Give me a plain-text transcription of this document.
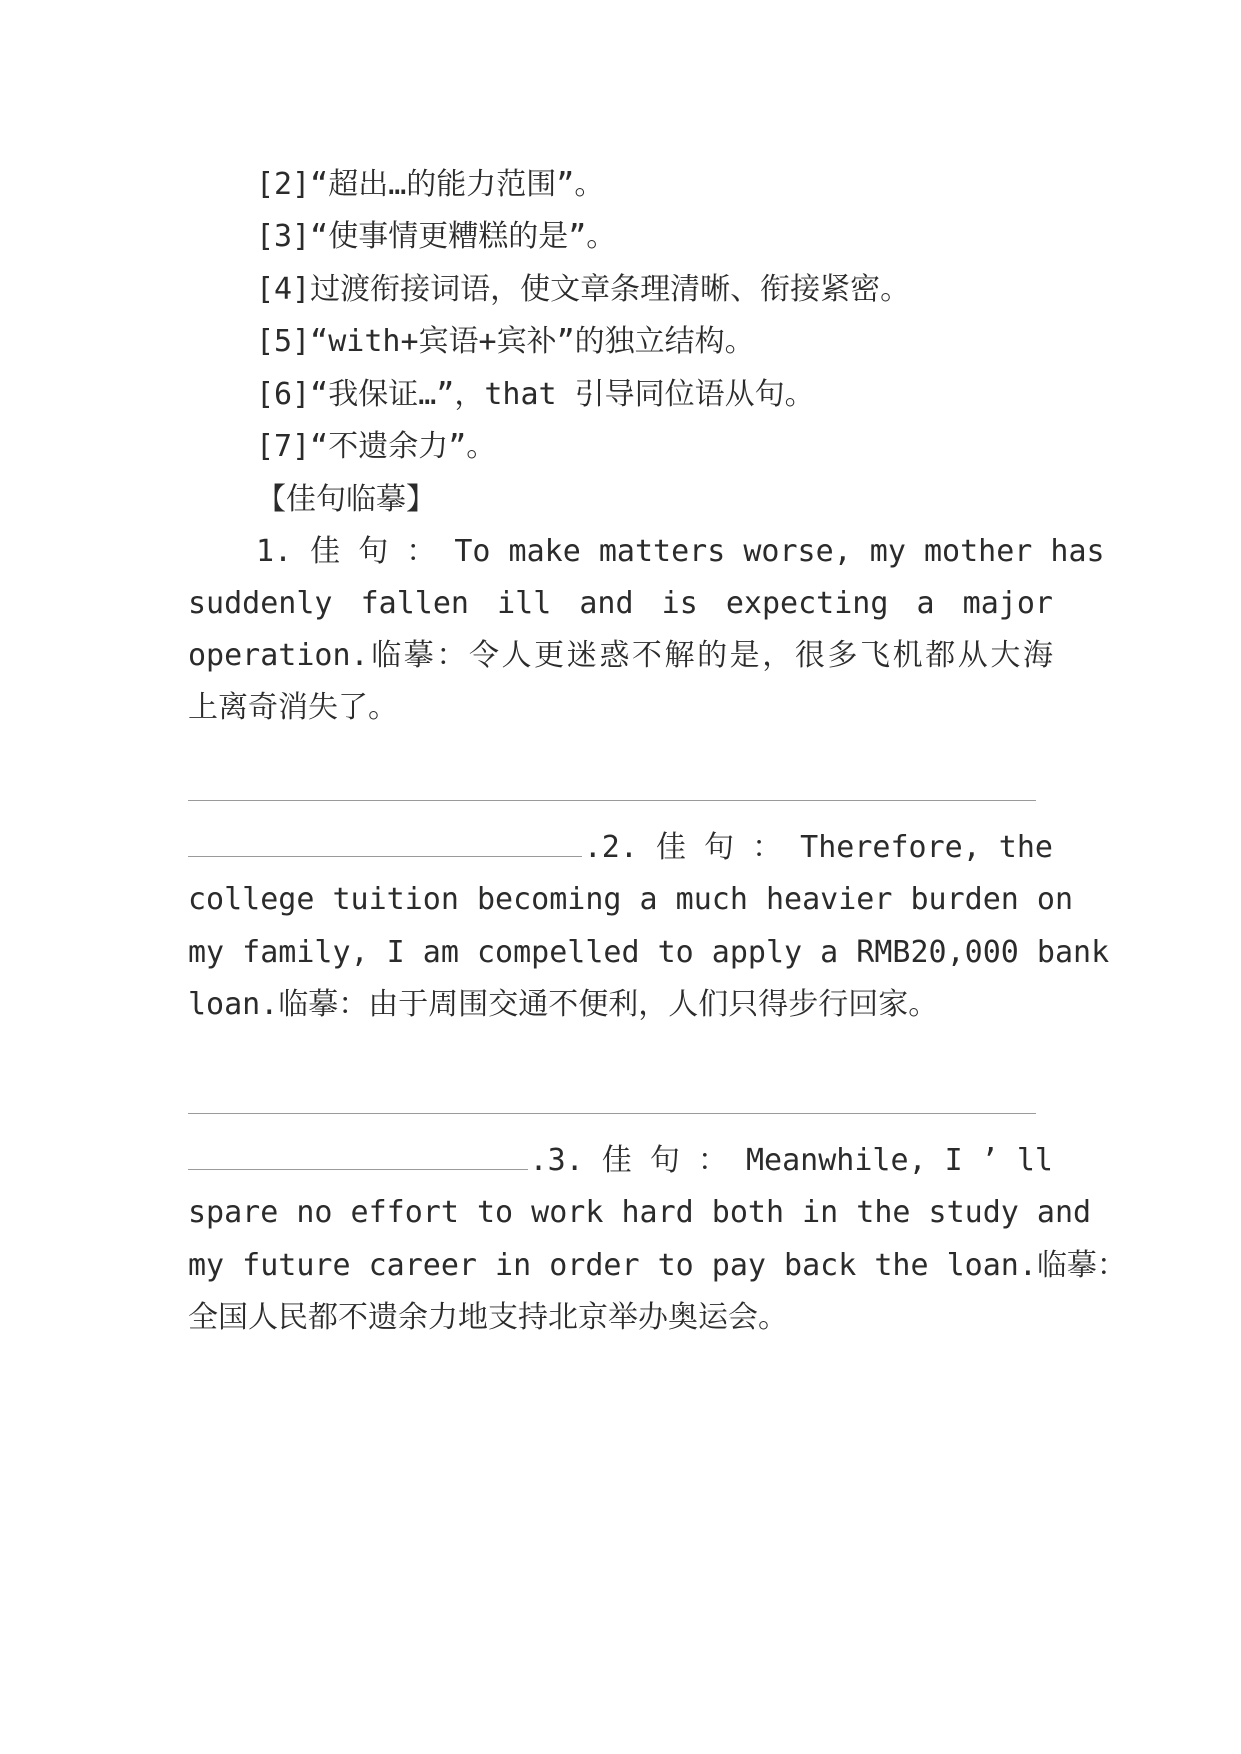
[2]“超出…的能力范围”。
[3]“使事情更糟糕的是”。
[4]过渡衔接词语，使文章条理清晰、衔接紧密。
[5]“with+宾语+宾补”的独立结构。
[6]“我保证…”，that 引导同位语从句。
[7]“不遗余力”。
【佳句临摹】
1. 佳 句 ： To make matters worse, my mother has
suddenly fallen ill and is expecting a major
operation.临摹：令人更迷惑不解的是，很多飞机都从大海
上离奇消失了。
.2. 佳 句 ： Therefore, the
college tuition becoming a much heavier burden on
my family, I am compelled to apply a RMB20,000 bank
loan.临摹：由于周围交通不便利，人们只得步行回家。
.3. 佳 句 ： Meanwhile, I ’ ll
spare no effort to work hard both in the study and
my future career in order to pay back the loan.临摹：
全国人民都不遗余力地支持北京举办奥运会。
